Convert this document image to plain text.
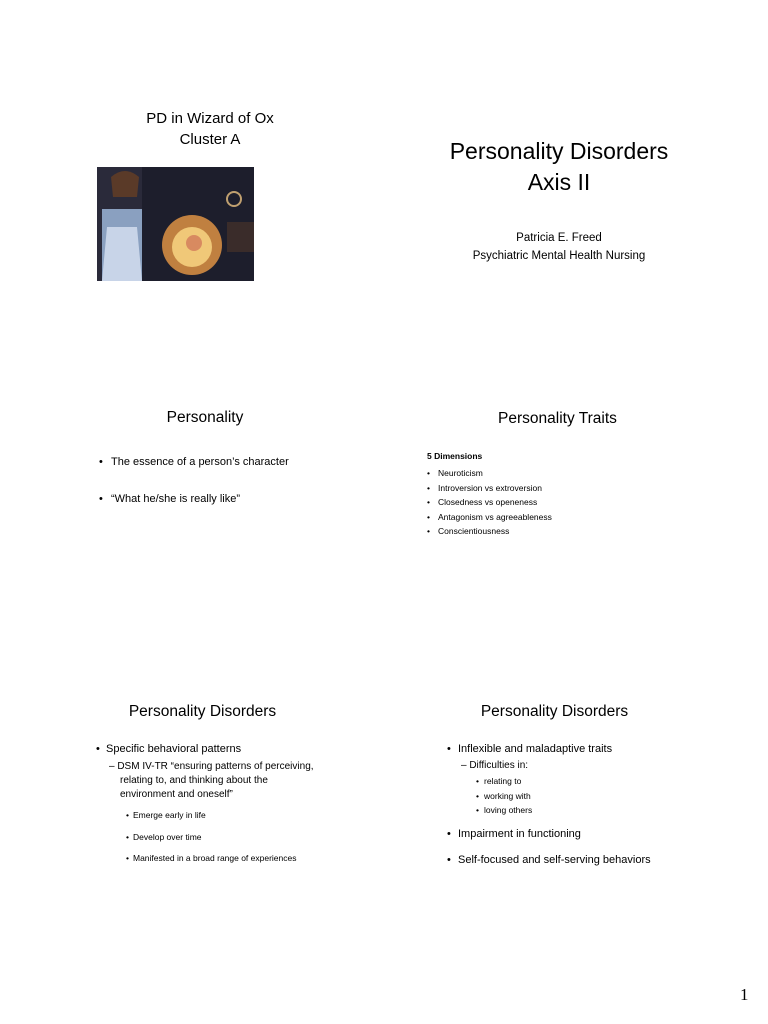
PD in Wizard of Ox
Cluster A	Personality Disorders
Axis II
Patricia E. Freed
Psychiatric Mental Health Nursing
Personality
• The essence of a person’s character
• “What he/she is really like”
Personality Traits
5 Dimensions
• Neuroticism
• Introversion vs extroversion
• Closedness vs openeness
• Antagonism vs agreeableness
• Conscientiousness
Personality Disorders
• Specific behavioral patterns
– DSM IV-TR “ensuring patterns of perceiving,
relating to, and thinking about the
environment and oneself”
• Emerge early in life
• Develop over time
• Manifested in a broad range of experiences
Personality Disorders
• Inflexible and maladaptive traits
– Difficulties in:
• relating to
• working with
• loving others
• Impairment in functioning
• Self-focused and self-serving behaviors
1
